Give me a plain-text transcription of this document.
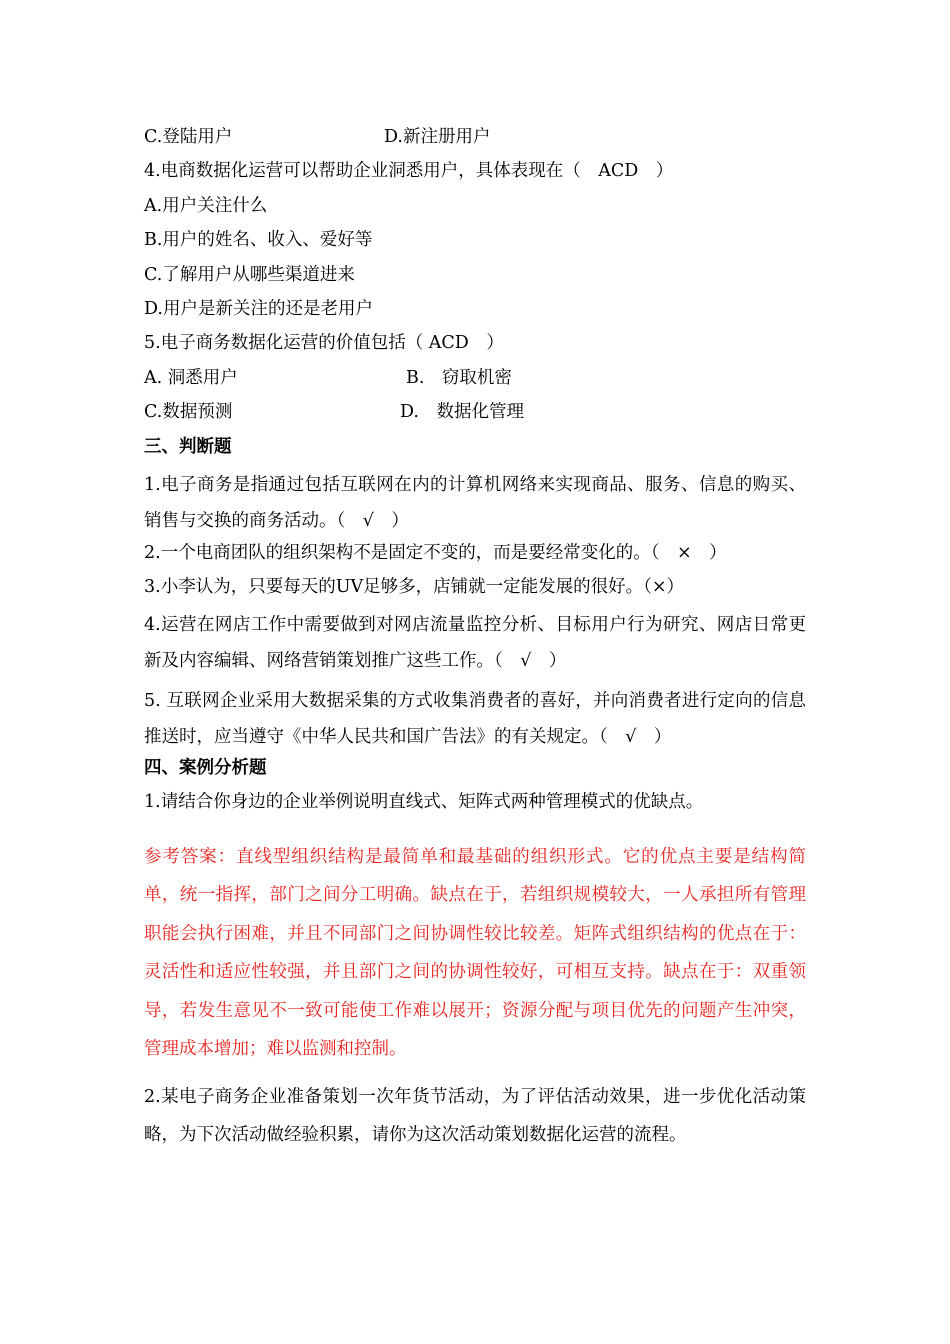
C.登陆用户	D.新注册用户
4.电商数据化运营可以帮助企业洞悉用户，具体表现在（　ACD　）
A.用户关注什么
B.用户的姓名、收入、爱好等
C.了解用户从哪些渠道进来
D.用户是新关注的还是老用户
5.电子商务数据化运营的价值包括（ ACD　）
A. 洞悉用户	B.　窃取机密
C.数据预测	D.　数据化管理
三、判断题
1.电子商务是指通过包括互联网在内的计算机网络来实现商品、服务、信息的购买、销售与交换的商务活动。（　√　）
2.一个电商团队的组织架构不是固定不变的，而是要经常变化的。（　×　）
3.小李认为，只要每天的UV足够多，店铺就一定能发展的很好。（×）
4.运营在网店工作中需要做到对网店流量监控分析、目标用户行为研究、网店日常更新及内容编辑、网络营销策划推广这些工作。（　√　）
5. 互联网企业采用大数据采集的方式收集消费者的喜好，并向消费者进行定向的信息推送时，应当遵守《中华人民共和国广告法》的有关规定。（　√　）
四、案例分析题
1.请结合你身边的企业举例说明直线式、矩阵式两种管理模式的优缺点。
参考答案：直线型组织结构是最简单和最基础的组织形式。它的优点主要是结构简单，统一指挥，部门之间分工明确。缺点在于，若组织规模较大，一人承担所有管理职能会执行困难，并且不同部门之间协调性较比较差。矩阵式组织结构的优点在于：灵活性和适应性较强，并且部门之间的协调性较好，可相互支持。缺点在于：双重领导，若发生意见不一致可能使工作难以展开；资源分配与项目优先的问题产生冲突，管理成本增加；难以监测和控制。
2.某电子商务企业准备策划一次年货节活动，为了评估活动效果，进一步优化活动策略，为下次活动做经验积累，请你为这次活动策划数据化运营的流程。
